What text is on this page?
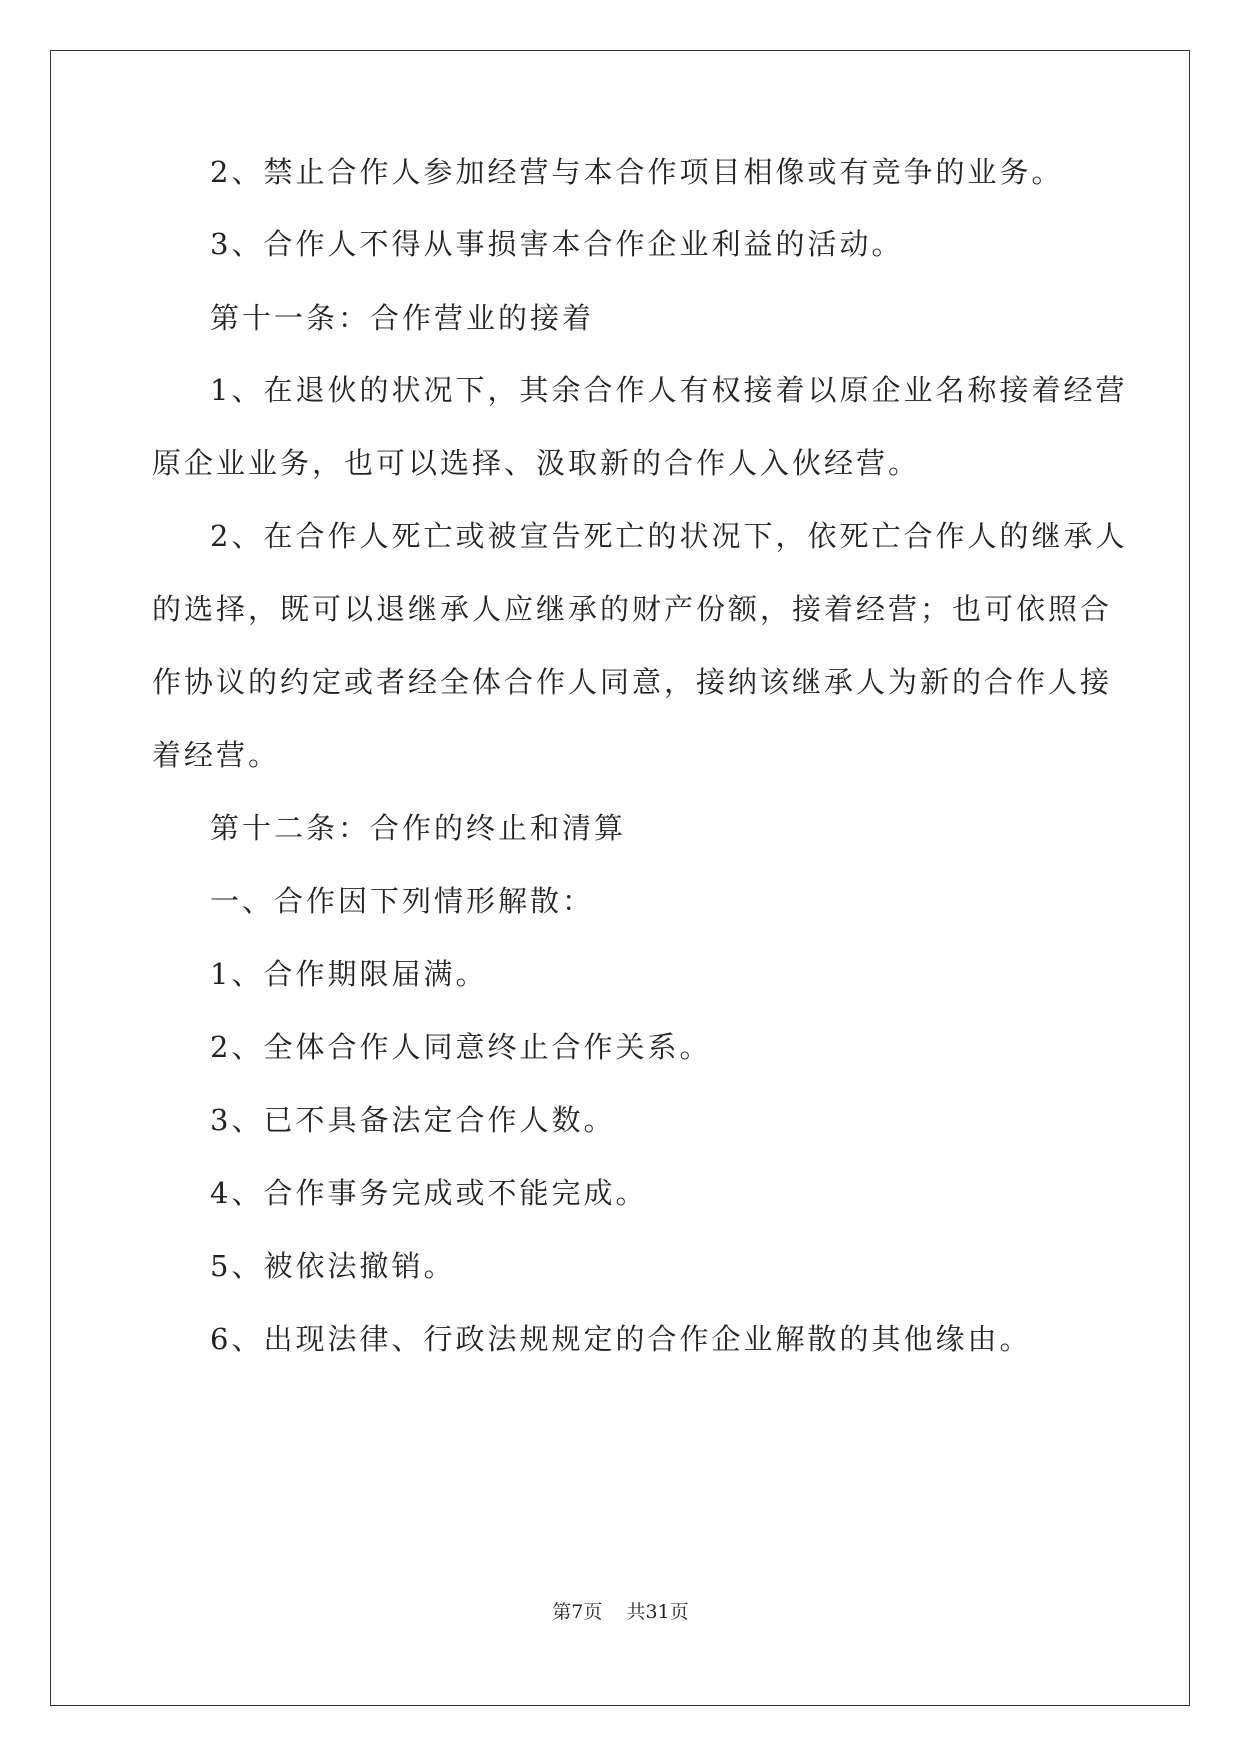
2、禁止合作人参加经营与本合作项目相像或有竞争的业务。

3、合作人不得从事损害本合作企业利益的活动。

第十一条：合作营业的接着

1、在退伙的状况下，其余合作人有权接着以原企业名称接着经营

原企业业务，也可以选择、汲取新的合作人入伙经营。

2、在合作人死亡或被宣告死亡的状况下，依死亡合作人的继承人

的选择，既可以退继承人应继承的财产份额，接着经营；也可依照合

作协议的约定或者经全体合作人同意，接纳该继承人为新的合作人接

着经营。

第十二条：合作的终止和清算

一、合作因下列情形解散：

1、合作期限届满。

2、全体合作人同意终止合作关系。

3、已不具备法定合作人数。

4、合作事务完成或不能完成。

5、被依法撤销。

6、出现法律、行政法规规定的合作企业解散的其他缘由。

第7页    共31页
